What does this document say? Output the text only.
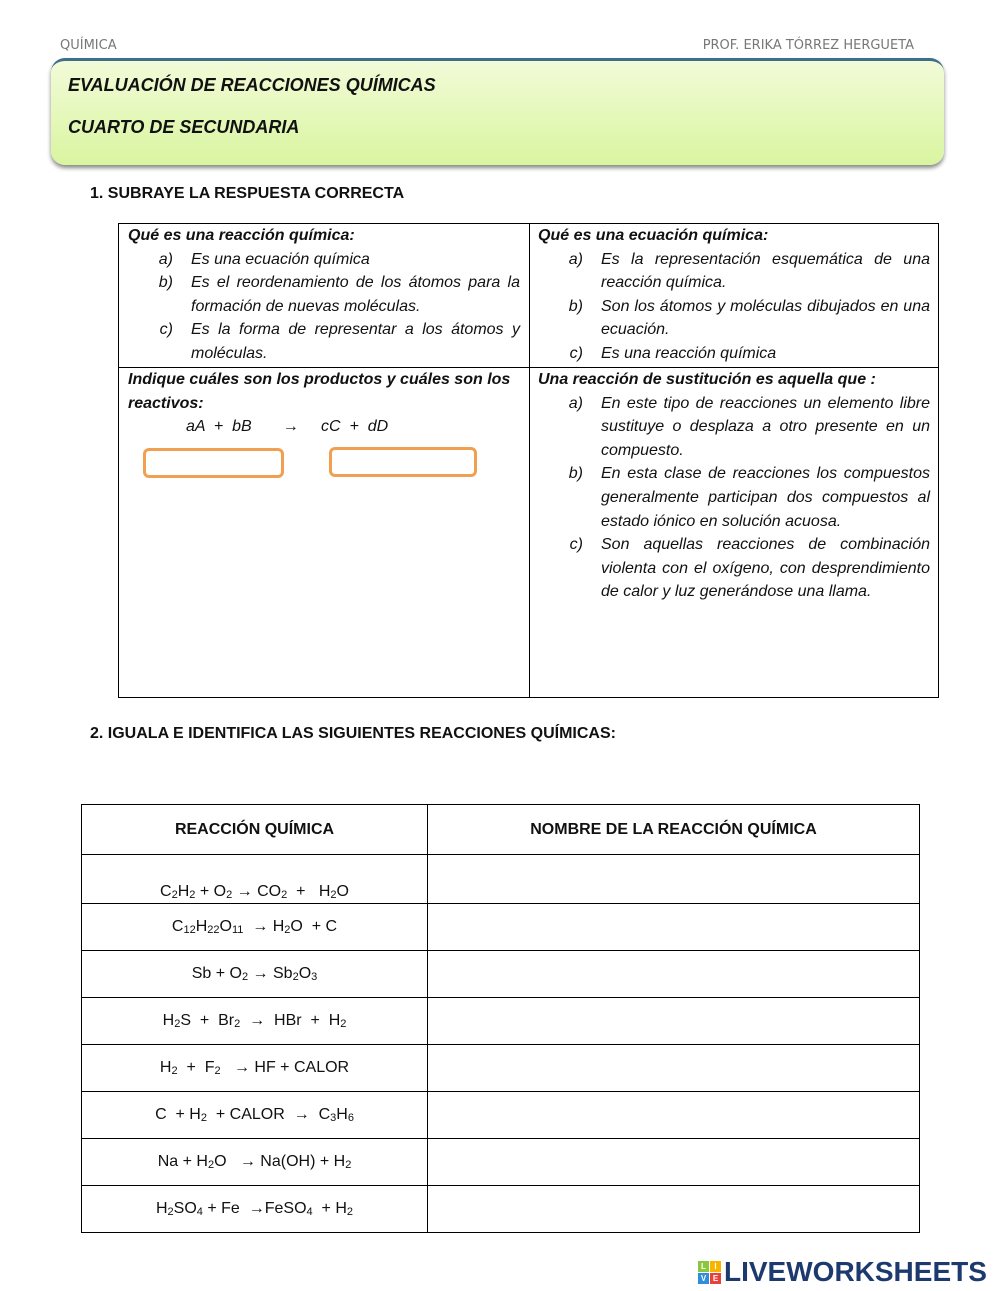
QUÍMICA	PROF. ERIKA TÓRREZ HERGUETA
EVALUACIÓN DE REACCIONES QUÍMICAS
CUARTO DE SECUNDARIA
1. SUBRAYE LA RESPUESTA CORRECTA
Qué es una reacción química:
a)	Es una ecuación química
b)	Es el reordenamiento de los átomos para la formación de nuevas moléculas.
c)	Es la forma de representar a los átomos y moléculas.
Qué es una ecuación química:
a)	Es la representación esquemática de una reacción química.
b)	Son los átomos y moléculas dibujados en una ecuación.
c)	Es una reacción química
Indique cuáles son los productos y cuáles son los reactivos:
aA  +  bB       →     cC  +  dD
Una reacción de sustitución es aquella que :
a)	En este tipo de reacciones un elemento libre sustituye o desplaza a otro presente en un compuesto.
b)	En esta clase de reacciones los compuestos generalmente participan dos compuestos al estado iónico en solución acuosa.
c)	Son aquellas reacciones de combinación violenta con el oxígeno, con desprendimiento de calor y luz generándose una llama.
2. IGUALA E IDENTIFICA LAS SIGUIENTES REACCIONES QUÍMICAS:
REACCIÓN QUÍMICA	NOMBRE DE LA REACCIÓN QUÍMICA
$C_2H_2 + O_2 \to CO_2 + H_2O$	
$C_{12}H_{22}O_{11} \to H_2O + C$	
$Sb + O_2 \to Sb_2O_3$	
$H_2S + Br_2$  →  HBr  +  $H_2$	
$H_2 + F_2$   → HF + CALOR	
$C + H_2$  + CALOR  →  $C_3H_6$	
$Na + H_2O \to Na(OH) + H_2$	
$H_2SO_4 + Fe$  →FeSO$_4$  + $H_2$	
L	I
V E LIVEWORKSHEETS
